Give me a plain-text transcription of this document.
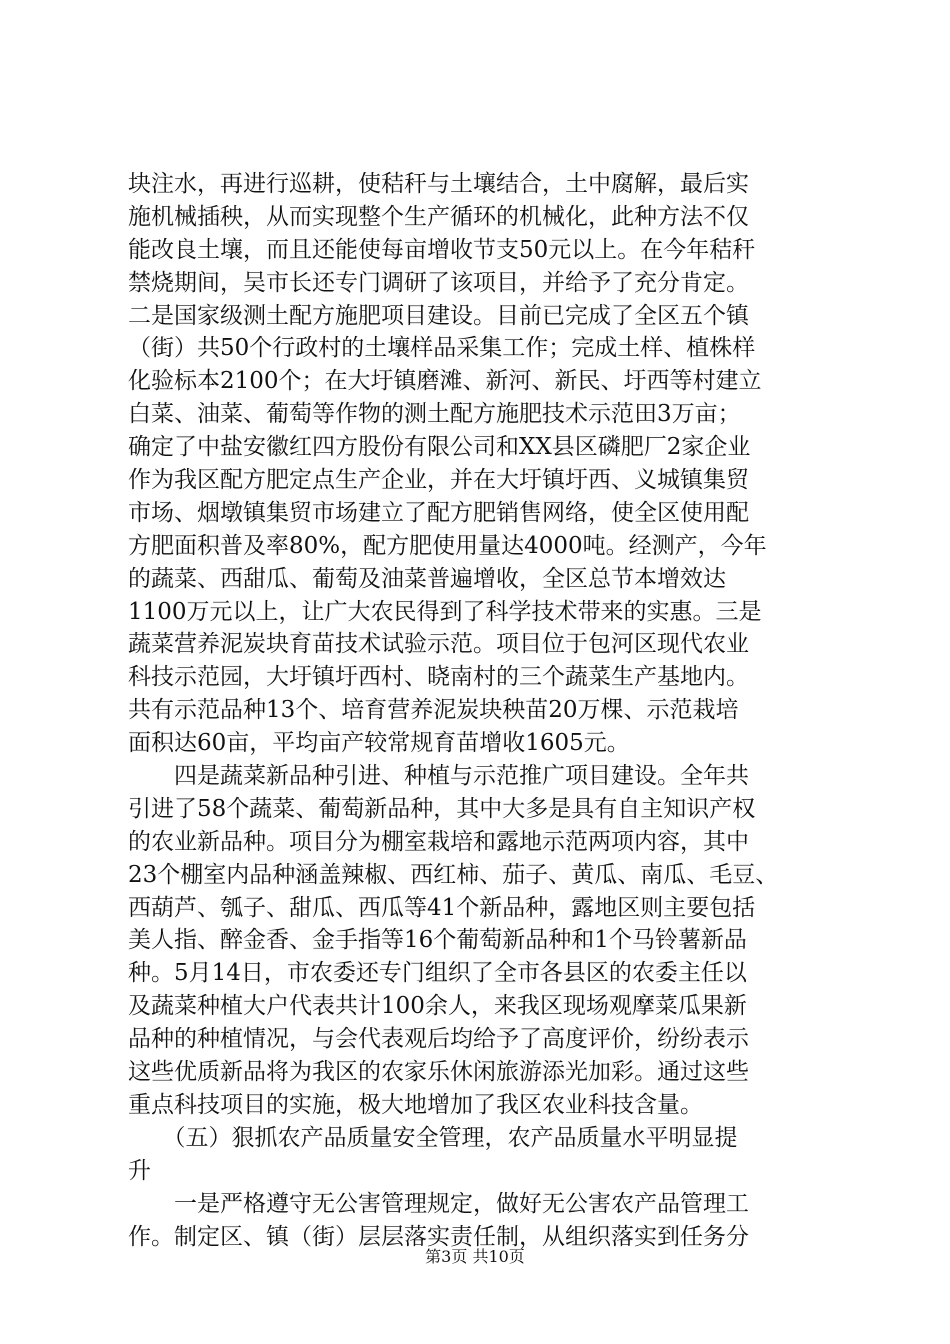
块注水，再进行巡耕，使秸秆与土壤结合，土中腐解，最后实
施机械插秧，从而实现整个生产循环的机械化，此种方法不仅
能改良土壤，而且还能使每亩增收节支50元以上。在今年秸秆
禁烧期间，吴市长还专门调研了该项目，并给予了充分肯定。
二是国家级测土配方施肥项目建设。目前已完成了全区五个镇
（街）共50个行政村的土壤样品采集工作；完成土样、植株样
化验标本2100个；在大圩镇磨滩、新河、新民、圩西等村建立
白菜、油菜、葡萄等作物的测土配方施肥技术示范田3万亩；
确定了中盐安徽红四方股份有限公司和XX县区磷肥厂2家企业
作为我区配方肥定点生产企业，并在大圩镇圩西、义城镇集贸
市场、烟墩镇集贸市场建立了配方肥销售网络，使全区使用配
方肥面积普及率80%，配方肥使用量达4000吨。经测产，今年
的蔬菜、西甜瓜、葡萄及油菜普遍增收，全区总节本增效达
1100万元以上，让广大农民得到了科学技术带来的实惠。三是
蔬菜营养泥炭块育苗技术试验示范。项目位于包河区现代农业
科技示范园，大圩镇圩西村、晓南村的三个蔬菜生产基地内。
共有示范品种13个、培育营养泥炭块秧苗20万棵、示范栽培
面积达60亩，平均亩产较常规育苗增收1605元。
　　四是蔬菜新品种引进、种植与示范推广项目建设。全年共
引进了58个蔬菜、葡萄新品种，其中大多是具有自主知识产权
的农业新品种。项目分为棚室栽培和露地示范两项内容，其中
23个棚室内品种涵盖辣椒、西红柿、茄子、黄瓜、南瓜、毛豆、
西葫芦、瓠子、甜瓜、西瓜等41个新品种，露地区则主要包括
美人指、醉金香、金手指等16个葡萄新品种和1个马铃薯新品
种。5月14日，市农委还专门组织了全市各县区的农委主任以
及蔬菜种植大户代表共计100余人，来我区现场观摩菜瓜果新
品种的种植情况，与会代表观后均给予了高度评价，纷纷表示
这些优质新品将为我区的农家乐休闲旅游添光加彩。通过这些
重点科技项目的实施，极大地增加了我区农业科技含量。
　　（五）狠抓农产品质量安全管理，农产品质量水平明显提
升
　　一是严格遵守无公害管理规定，做好无公害农产品管理工
作。制定区、镇（街）层层落实责任制，从组织落实到任务分
第3页 共10页
